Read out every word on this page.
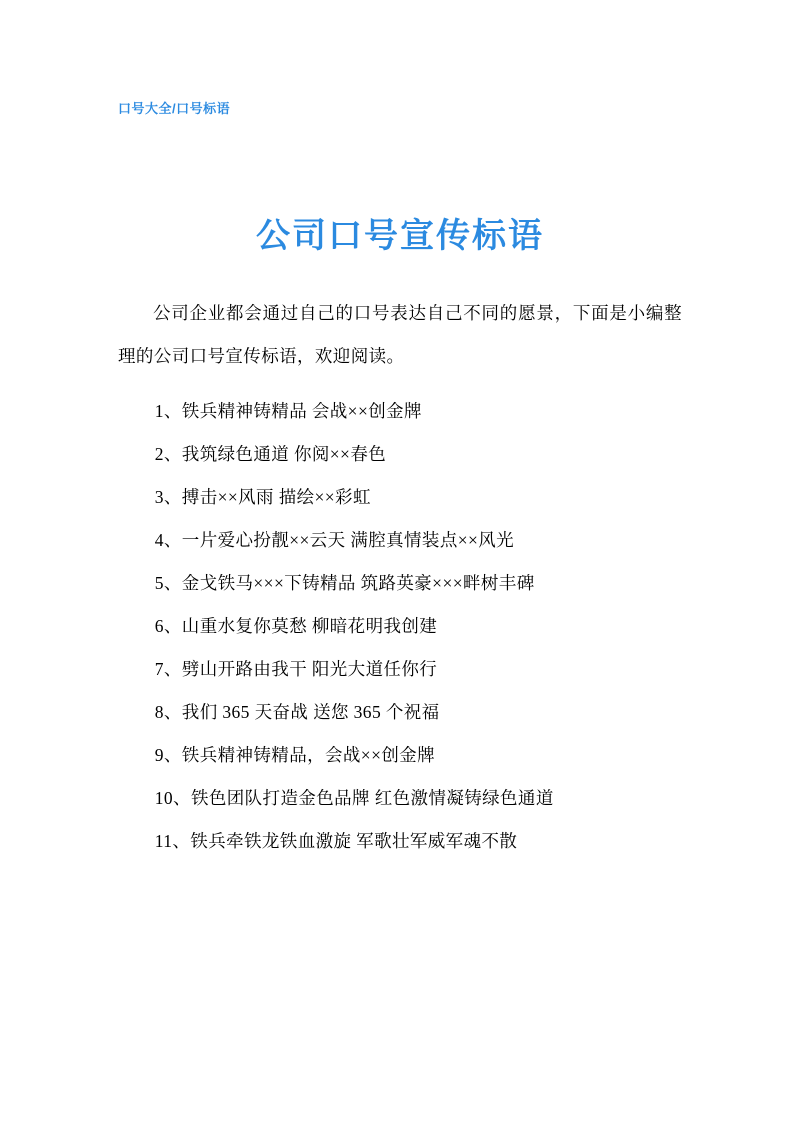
口号大全/口号标语
公司口号宣传标语

公司企业都会通过自己的口号表达自己不同的愿景，下面是小编整理的公司口号宣传标语，欢迎阅读。

1、铁兵精神铸精品 会战××创金牌

2、我筑绿色通道 你阅××春色

3、搏击××风雨 描绘××彩虹

4、一片爱心扮靓××云天 满腔真情装点××风光

5、金戈铁马×××下铸精品 筑路英豪×××畔树丰碑

6、山重水复你莫愁 柳暗花明我创建

7、劈山开路由我干 阳光大道任你行

8、我们 365 天奋战 送您 365 个祝福

9、铁兵精神铸精品，会战××创金牌

10、铁色团队打造金色品牌 红色激情凝铸绿色通道

11、铁兵牵铁龙铁血激旋 军歌壮军威军魂不散
